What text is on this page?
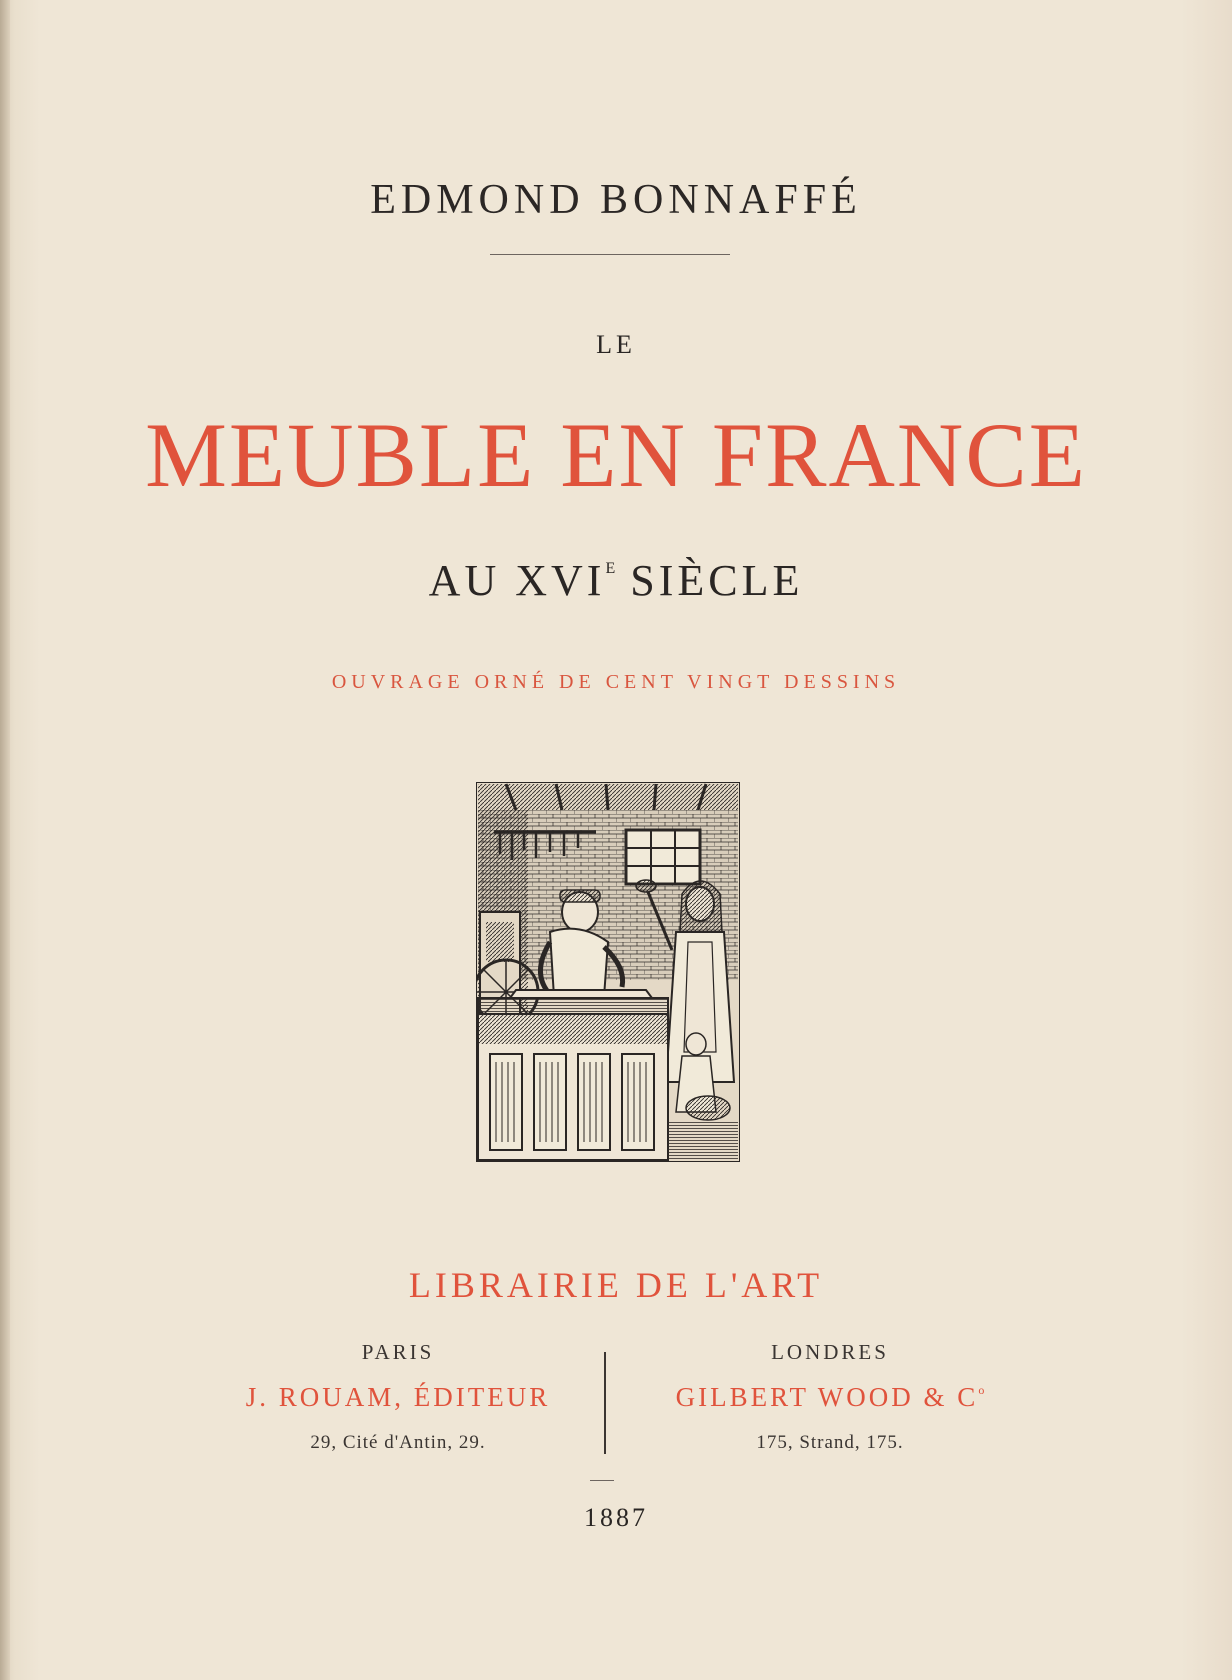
EDMOND BONNAFFÉ
LE
MEUBLE EN FRANCE
AU $XVI^E$ SIÈCLE
OUVRAGE ORNÉ DE CENT VINGT DESSINS
LIBRAIRIE DE L'ART
PARIS
J. ROUAM, ÉDITEUR
29, Cité d'Antin, 29.
LONDRES
GILBERT WOOD & $C^o$
175, Strand, 175.
1887
